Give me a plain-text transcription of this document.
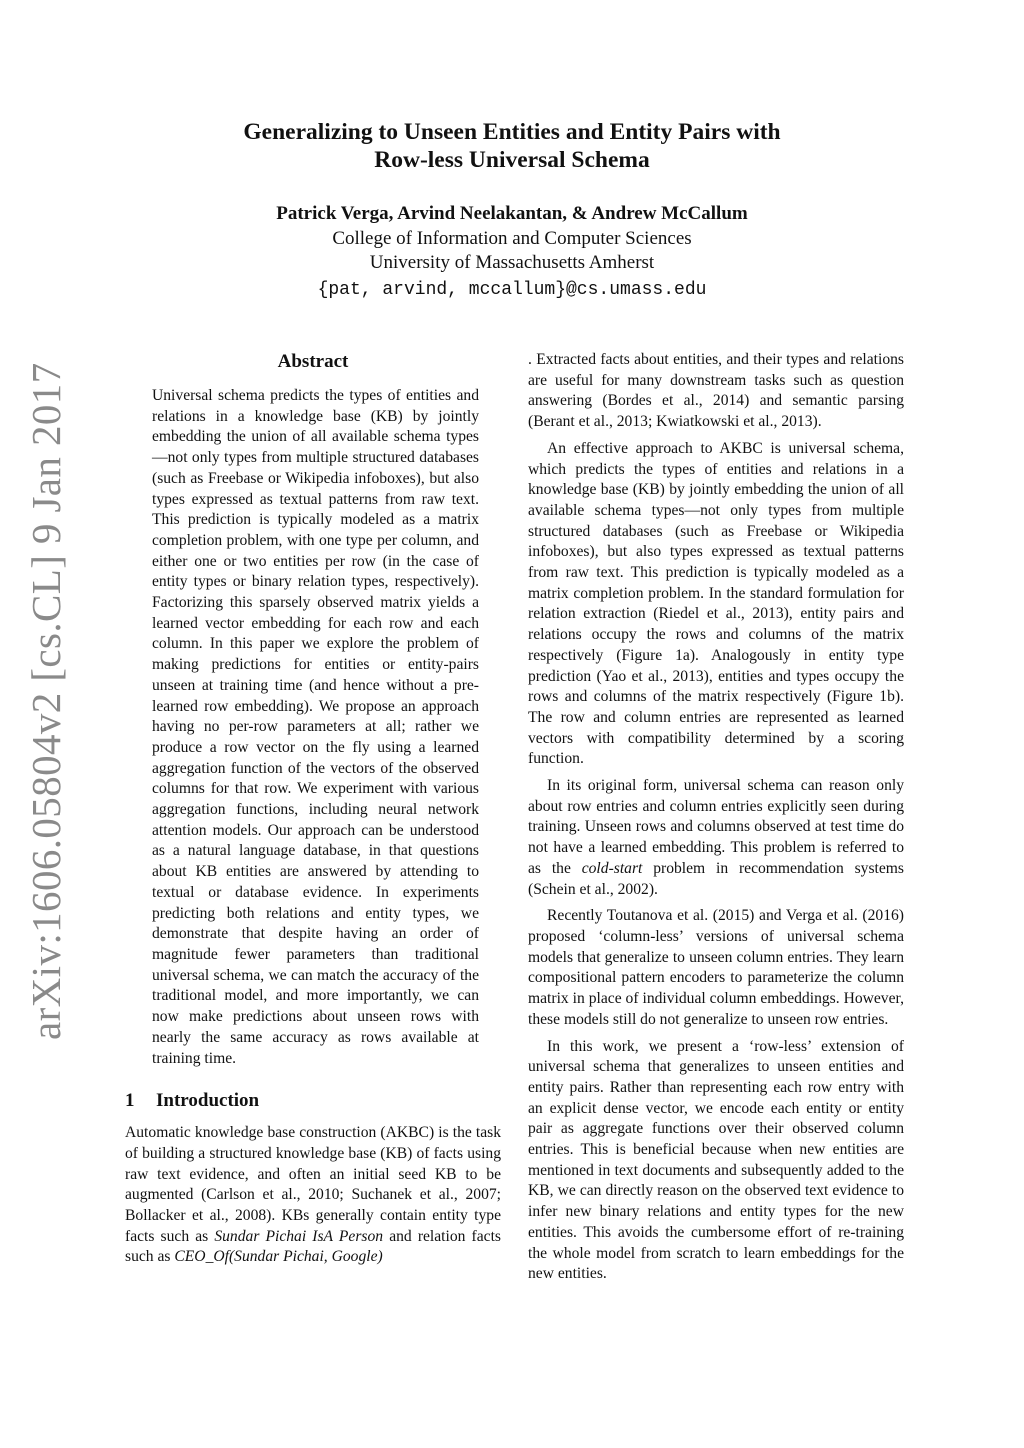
arXiv:1606.05804v2 [cs.CL] 9 Jan 2017
Generalizing to Unseen Entities and Entity Pairs with
Row-less Universal Schema
Patrick Verga, Arvind Neelakantan, & Andrew McCallum
College of Information and Computer Sciences
University of Massachusetts Amherst
{pat, arvind, mccallum}@cs.umass.edu
Abstract

Universal schema predicts the types of entities and relations in a knowledge base (KB) by jointly embedding the union of all available schema types—not only types from multiple structured databases (such as Freebase or Wikipedia infoboxes), but also types expressed as textual patterns from raw text. This prediction is typically modeled as a matrix completion problem, with one type per column, and either one or two entities per row (in the case of entity types or binary relation types, respectively). Factorizing this sparsely observed matrix yields a learned vector embedding for each row and each column. In this paper we explore the problem of making predictions for entities or entity-pairs unseen at training time (and hence without a pre-learned row embedding). We propose an approach having no per-row parameters at all; rather we produce a row vector on the fly using a learned aggregation function of the vectors of the observed columns for that row. We experiment with various aggregation functions, including neural network attention models. Our approach can be understood as a natural language database, in that questions about KB entities are answered by attending to textual or database evidence. In experiments predicting both relations and entity types, we demonstrate that despite having an order of magnitude fewer parameters than traditional universal schema, we can match the accuracy of the traditional model, and more importantly, we can now make predictions about unseen rows with nearly the same accuracy as rows available at training time.

1 Introduction

Automatic knowledge base construction (AKBC) is the task of building a structured knowledge base (KB) of facts using raw text evidence, and often an initial seed KB to be augmented (Carlson et al., 2010; Suchanek et al., 2007; Bollacker et al., 2008). KBs generally contain entity type facts such as Sundar Pichai IsA Person and relation facts such as CEO_Of(Sundar Pichai, Google)

. Extracted facts about entities, and their types and relations are useful for many downstream tasks such as question answering (Bordes et al., 2014) and semantic parsing (Berant et al., 2013; Kwiatkowski et al., 2013).

An effective approach to AKBC is universal schema, which predicts the types of entities and relations in a knowledge base (KB) by jointly embedding the union of all available schema types—not only types from multiple structured databases (such as Freebase or Wikipedia infoboxes), but also types expressed as textual patterns from raw text. This prediction is typically modeled as a matrix completion problem. In the standard formulation for relation extraction (Riedel et al., 2013), entity pairs and relations occupy the rows and columns of the matrix respectively (Figure 1a). Analogously in entity type prediction (Yao et al., 2013), entities and types occupy the rows and columns of the matrix respectively (Figure 1b). The row and column entries are represented as learned vectors with compatibility determined by a scoring function.

In its original form, universal schema can reason only about row entries and column entries explicitly seen during training. Unseen rows and columns observed at test time do not have a learned embedding. This problem is referred to as the cold-start problem in recommendation systems (Schein et al., 2002).

Recently Toutanova et al. (2015) and Verga et al. (2016) proposed ‘column-less’ versions of universal schema models that generalize to unseen column entries. They learn compositional pattern encoders to parameterize the column matrix in place of individual column embeddings. However, these models still do not generalize to unseen row entries.

In this work, we present a ‘row-less’ extension of universal schema that generalizes to unseen entities and entity pairs. Rather than representing each row entry with an explicit dense vector, we encode each entity or entity pair as aggregate functions over their observed column entries. This is beneficial because when new entities are mentioned in text documents and subsequently added to the KB, we can directly reason on the observed text evidence to infer new binary relations and entity types for the new entities. This avoids the cumbersome effort of re-training the whole model from scratch to learn embeddings for the new entities.
